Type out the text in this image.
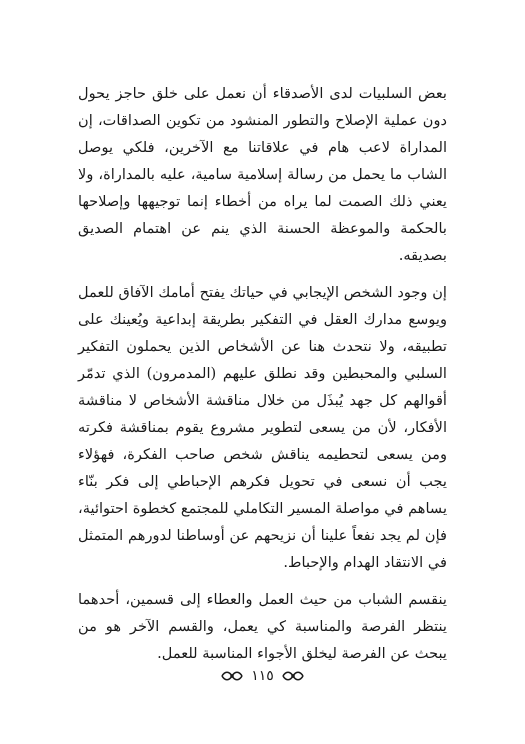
بعض السلبيات لدى الأصدقاء أن نعمل على خلق حاجز يحول دون عملية الإصلاح والتطور المنشود من تكوين الصداقات، إن المداراة لاعب هام في علاقاتنا مع الآخرين، فلكي يوصل الشاب ما يحمل من رسالة إسلامية سامية، عليه بالمداراة، ولا يعني ذلك الصمت لما يراه من أخطاء إنما توجيهها وإصلاحها بالحكمة والموعظة الحسنة الذي ينم عن اهتمام الصديق بصديقه.

إن وجود الشخص الإيجابي في حياتك يفتح أمامك الآفاق للعمل ويوسع مدارك العقل في التفكير بطريقة إبداعية ويُعينك على تطبيقه، ولا نتحدث هنا عن الأشخاص الذين يحملون التفكير السلبي والمحبطين وقد نطلق عليهم (المدمرون) الذي تدمّر أقوالهم كل جهد يُبذَل من خلال مناقشة الأشخاص لا مناقشة الأفكار، لأن من يسعى لتطوير مشروع يقوم بمناقشة فكرته ومن يسعى لتحطيمه يناقش شخص صاحب الفكرة، فهؤلاء يجب أن نسعى في تحويل فكرهم الإحباطي إلى فكر بنّاء يساهم في مواصلة المسير التكاملي للمجتمع كخطوة احتوائية، فإن لم يجد نفعاً علينا أن نزيحهم عن أوساطنا لدورهم المتمثل في الانتقاد الهدام والإحباط.

ينقسم الشباب من حيث العمل والعطاء إلى قسمين، أحدهما ينتظر الفرصة والمناسبة كي يعمل، والقسم الآخر هو من يبحث عن الفرصة ليخلق الأجواء المناسبة للعمل.

١١٥
